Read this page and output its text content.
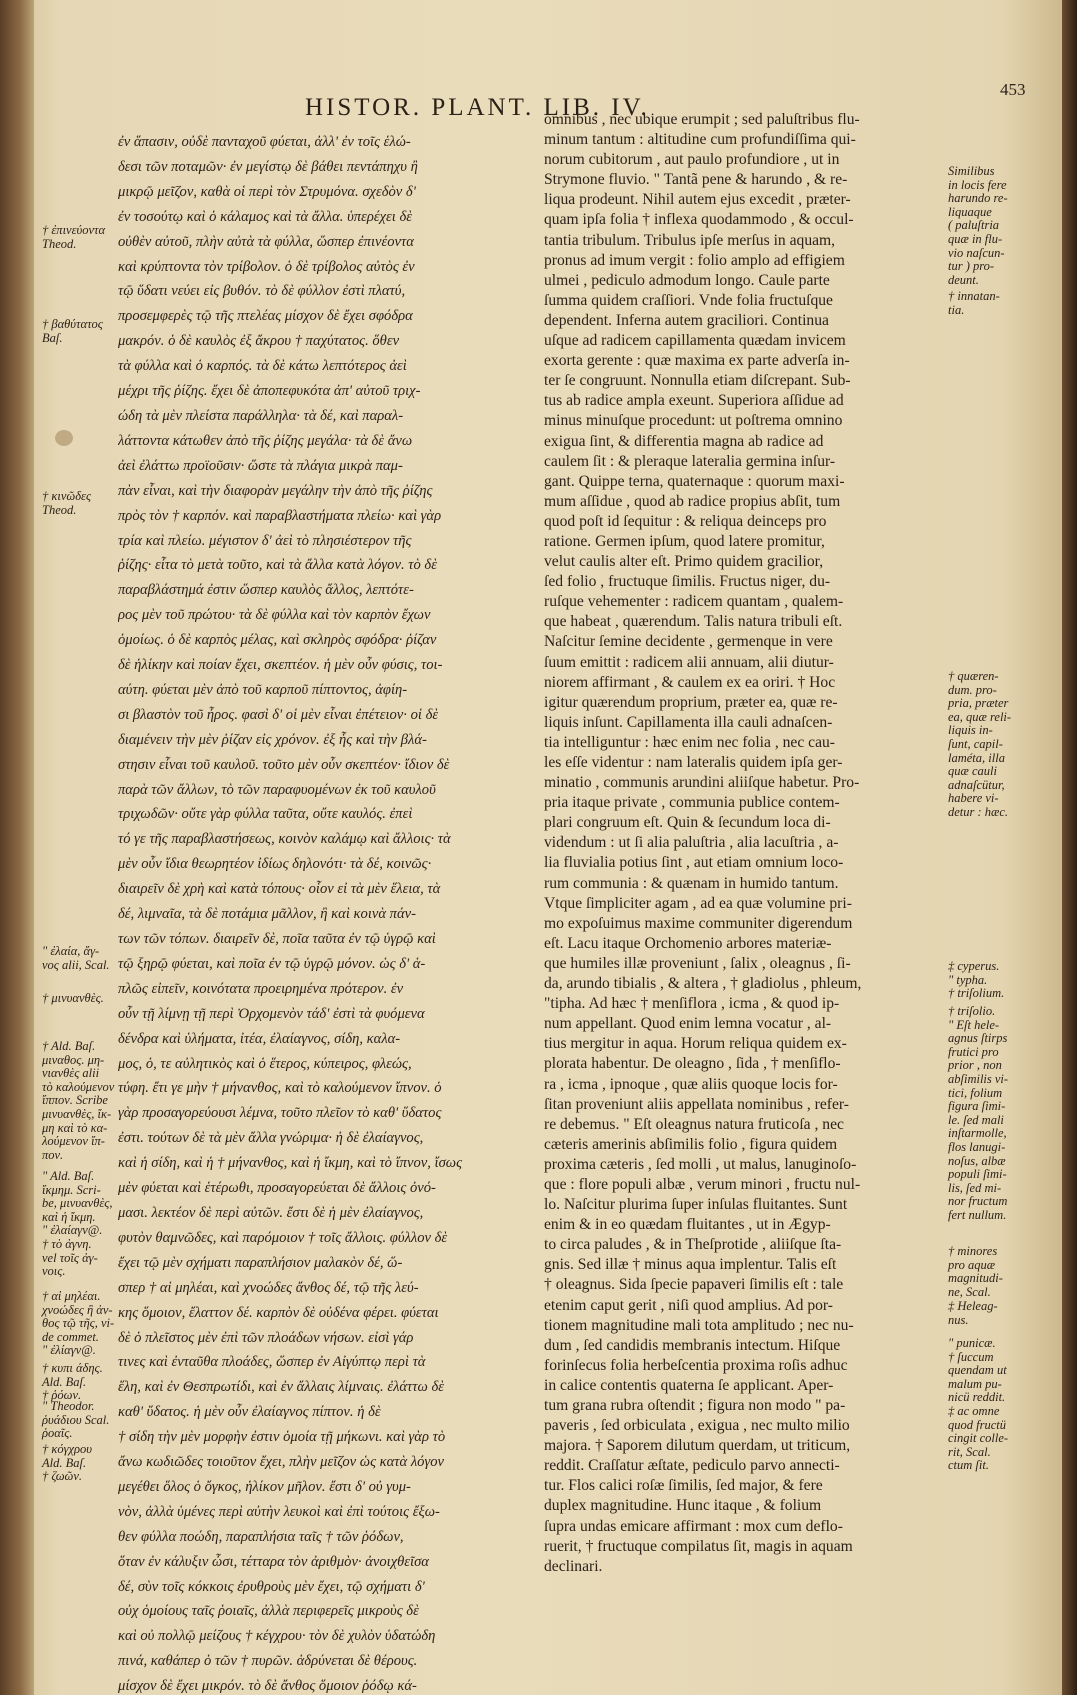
HISTOR. PLANT. LIB. IV.
453
ἐν ἅπασιν, οὐδὲ πανταχοῦ φύεται, ἀλλ' ἐν τοῖς ἑλώ-
δεσι τῶν ποταμῶν· ἐν μεγίστῳ δὲ βάθει πεντάπηχυ ἢ
μικρῷ μεῖζον, καθὰ οἱ περὶ τὸν Στρυμόνα. σχεδὸν δ'
ἐν τοσούτῳ καὶ ὁ κάλαμος καὶ τὰ ἄλλα. ὑπερέχει δὲ
οὐθὲν αὐτοῦ, πλὴν αὐτὰ τὰ φύλλα, ὥσπερ ἐπινέοντα
καὶ κρύπτοντα τὸν τρίβολον. ὁ δὲ τρίβολος αὐτὸς ἐν
τῷ ὕδατι νεύει εἰς βυθόν. τὸ δὲ φύλλον ἐστὶ πλατύ,
προσεμφερὲς τῷ τῆς πτελέας μίσχον δὲ ἔχει σφόδρα
μακρόν. ὁ δὲ καυλὸς ἐξ ἄκρου † παχύτατος. ὅθεν
τὰ φύλλα καὶ ὁ καρπός. τὰ δὲ κάτω λεπτότερος ἀεὶ
μέχρι τῆς ῥίζης. ἔχει δὲ ἀποπεφυκότα ἀπ' αὐτοῦ τριχ-
ώδη τὰ μὲν πλείστα παράλληλα· τὰ δέ, καὶ παραλ-
λάττοντα κάτωθεν ἀπὸ τῆς ῥίζης μεγάλα· τὰ δὲ ἄνω
ἀεὶ ἐλάττω προϊοῦσιν· ὥστε τὰ πλάγια μικρὰ παμ-
πὰν εἶναι, καὶ τὴν διαφορὰν μεγάλην τὴν ἀπὸ τῆς ῥίζης
πρὸς τὸν † καρπόν. καὶ παραβλαστήματα πλείω· καὶ γὰρ
τρία καὶ πλείω. μέγιστον δ' ἀεὶ τὸ πλησιέστερον τῆς
ῥίζης· εἶτα τὸ μετὰ τοῦτο, καὶ τὰ ἄλλα κατὰ λόγον. τὸ δὲ
παραβλάστημά ἐστιν ὥσπερ καυλὸς ἄλλος, λεπτότε-
ρος μὲν τοῦ πρώτου· τὰ δὲ φύλλα καὶ τὸν καρπὸν ἔχων
ὁμοίως. ὁ δὲ καρπὸς μέλας, καὶ σκληρὸς σφόδρα· ῥίζαν
δὲ ἡλίκην καὶ ποίαν ἔχει, σκεπτέον. ἡ μὲν οὖν φύσις, τοι-
αύτη. φύεται μὲν ἀπὸ τοῦ καρποῦ πίπτοντος, ἀφίη-
σι βλαστὸν τοῦ ἦρος. φασὶ δ' οἱ μὲν εἶναι ἐπέτειον· οἱ δὲ
διαμένειν τὴν μὲν ῥίζαν εἰς χρόνον. ἐξ ἧς καὶ τὴν βλά-
στησιν εἶναι τοῦ καυλοῦ. τοῦτο μὲν οὖν σκεπτέον· ἴδιον δὲ
παρὰ τῶν ἄλλων, τὸ τῶν παραφυομένων ἐκ τοῦ καυλοῦ
τριχωδῶν· οὔτε γὰρ φύλλα ταῦτα, οὔτε καυλός. ἐπεὶ
τό γε τῆς παραβλαστήσεως, κοινὸν καλάμῳ καὶ ἄλλοις· τὰ
μὲν οὖν ἴδια θεωρητέον ἰδίως δηλονότι· τὰ δέ, κοινῶς·
διαιρεῖν δὲ χρὴ καὶ κατὰ τόπους· οἷον εἰ τὰ μὲν ἕλεια, τὰ
δέ, λιμναῖα, τὰ δὲ ποτάμια μᾶλλον, ἢ καὶ κοινὰ πάν-
των τῶν τόπων. διαιρεῖν δὲ, ποῖα ταῦτα ἐν τῷ ὑγρῷ καὶ
τῷ ξηρῷ φύεται, καὶ ποῖα ἐν τῷ ὑγρῷ μόνον. ὡς δ' ἁ-
πλῶς εἰπεῖν, κοινότατα προειρημένα πρότερον. ἐν
οὖν τῇ λίμνῃ τῇ περὶ Ὀρχομενὸν τάδ' ἐστὶ τὰ φυόμενα
δένδρα καὶ ὑλήματα, ἰτέα, ἐλαίαγνος, σίδη, καλα-
μος, ὁ, τε αὐλητικὸς καὶ ὁ ἕτερος, κύπειρος, φλεώς,
τύφη. ἔτι γε μὴν † μήνανθος, καὶ τὸ καλούμενον ἴπνον. ὁ
γὰρ προσαγορεύουσι λέμνα, τοῦτο πλεῖον τὸ καθ' ὕδατος
ἐστι. τούτων δὲ τὰ μὲν ἄλλα γνώριμα· ἡ δὲ ἐλαίαγνος,
καὶ ἡ σίδη, καὶ ἡ † μήνανθος, καὶ ἡ ἴκμη, καὶ τὸ ἴπνον, ἴσως
μὲν φύεται καὶ ἑτέρωθι, προσαγορεύεται δὲ ἄλλοις ὀνό-
μασι. λεκτέον δὲ περὶ αὐτῶν. ἔστι δὲ ἡ μὲν ἐλαίαγνος,
φυτὸν θαμνῶδες, καὶ παρόμοιον † τοῖς ἄλλοις. φύλλον δὲ
ἔχει τῷ μὲν σχήματι παραπλήσιον μαλακὸν δέ, ὥ-
σπερ † αἱ μηλέαι, καὶ χνοώδες ἄνθος δέ, τῷ τῆς λεύ-
κης ὅμοιον, ἔλαττον δέ. καρπὸν δὲ οὐδένα φέρει. φύεται
δὲ ὁ πλεῖστος μὲν ἐπὶ τῶν πλοάδων νήσων. εἰσὶ γάρ
τινες καὶ ἐνταῦθα πλοάδες, ὥσπερ ἐν Αἰγύπτῳ περὶ τὰ
ἕλη, καὶ ἐν Θεσπρωτίδι, καὶ ἐν ἄλλαις λίμναις. ἐλάττω δὲ
καθ' ὕδατος. ἡ μὲν οὖν ἐλαίαγνος πίπτον. ἡ δὲ
† σίδη τὴν μὲν μορφὴν ἐστιν ὁμοία τῇ μήκωνι. καὶ γὰρ τὸ
ἄνω κωδιῶδες τοιοῦτον ἔχει, πλὴν μεῖζον ὡς κατὰ λόγον
μεγέθει ὅλος ὁ ὄγκος, ἡλίκον μῆλον. ἔστι δ' οὐ γυμ-
νὸν, ἀλλὰ ὑμένες περὶ αὐτὴν λευκοὶ καὶ ἐπὶ τούτοις ἔξω-
θεν φύλλα ποώδη, παραπλήσια ταῖς † τῶν ῥόδων,
ὅταν ἐν κάλυξιν ὦσι, τέτταρα τὸν ἀριθμὸν· ἀνοιχθεῖσα
δέ, σὺν τοῖς κόκκοις ἐρυθροὺς μὲν ἔχει, τῷ σχήματι δ'
οὐχ ὁμοίους ταῖς ῥοιαῖς, ἀλλὰ περιφερεῖς μικροὺς δὲ
καὶ οὐ πολλῷ μείζους † κέγχρου· τὸν δὲ χυλὸν ὑδατώδη
πινά, καθάπερ ὁ τῶν † πυρῶν. ἁδρύνεται δὲ θέρους.
μίσχον δὲ ἔχει μικρόν. τὸ δὲ ἄνθος ὅμοιον ῥόδῳ κά-
omnibus , nec ubique erumpit ; sed paluſtribus flu-
minum tantum : altitudine cum profundiſſima qui-
norum cubitorum , aut paulo profundiore , ut in
Strymone fluvio. " Tantã pene & harundo , & re-
liqua prodeunt. Nihil autem ejus excedit , præter-
quam ipſa folia † inflexa quodammodo , & occul-
tantia tribulum. Tribulus ipſe merſus in aquam,
pronus ad imum vergit : folio amplo ad effigiem
ulmei , pediculo admodum longo. Caule parte
ſumma quidem craſſiori. Vnde folia fructuſque
dependent. Inferna autem graciliori. Continua
uſque ad radicem capillamenta quædam invicem
exorta gerente : quæ maxima ex parte adverſa in-
ter ſe congruunt. Nonnulla etiam diſcrepant. Sub-
tus ab radice ampla exeunt. Superiora aſſidue ad
minus minuſque procedunt: ut poſtrema omnino
exigua ſint, & differentia magna ab radice ad
caulem ſit : & pleraque lateralia germina inſur-
gant. Quippe terna, quaternaque : quorum maxi-
mum aſſidue , quod ab radice propius abſit, tum
quod poſt id ſequitur : & reliqua deinceps pro
ratione. Germen ipſum, quod latere promitur,
velut caulis alter eſt. Primo quidem gracilior,
ſed folio , fructuque ſimilis. Fructus niger, du-
ruſque vehementer : radicem quantam , qualem-
que habeat , quærendum. Talis natura tribuli eſt.
Naſcitur ſemine decidente , germenque in vere
ſuum emittit : radicem alii annuam, alii diutur-
niorem affirmant , & caulem ex ea oriri. † Hoc
igitur quærendum proprium, præter ea, quæ re-
liquis inſunt. Capillamenta illa cauli adnaſcen-
tia intelliguntur : hæc enim nec folia , nec cau-
les eſſe videntur : nam lateralis quidem ipſa ger-
minatio , communis arundini aliiſque habetur. Pro-
pria itaque private , communia publice contem-
plari congruum eſt. Quin & ſecundum loca di-
videndum : ut ſi alia paluſtria , alia lacuſtria , a-
lia fluvialia potius ſint , aut etiam omnium loco-
rum communia : & quænam in humido tantum.
Vtque ſimpliciter agam , ad ea quæ volumine pri-
mo expoſuimus maxime communiter digerendum
eſt. Lacu itaque Orchomenio arbores materiæ-
que humiles illæ proveniunt , ſalix , oleagnus , ſi-
da, arundo tibialis , & altera , † gladiolus , phleum,
"tipha. Ad hæc † menſiflora , icma , & quod ip-
num appellant. Quod enim lemna vocatur , al-
tius mergitur in aqua. Horum reliqua quidem ex-
plorata habentur. De oleagno , ſida , † menſiflo-
ra , icma , ipnoque , quæ aliis quoque locis for-
ſitan proveniunt aliis appellata nominibus , refer-
re debemus. " Eſt oleagnus natura fruticoſa , nec
cæteris amerinis abſimilis folio , figura quidem
proxima cæteris , ſed molli , ut malus, lanuginoſo-
que : flore populi albæ , verum minori , fructu nul-
lo. Naſcitur plurima ſuper inſulas fluitantes. Sunt
enim & in eo quædam fluitantes , ut in Ægyp-
to circa paludes , & in Theſprotide , aliiſque ſta-
gnis. Sed illæ † minus aqua implentur. Talis eſt
† oleagnus. Sida ſpecie papaveri ſimilis eſt : tale
etenim caput gerit , niſi quod amplius. Ad por-
tionem magnitudine mali tota amplitudo ; nec nu-
dum , ſed candidis membranis intectum. Hiſque
forinſecus folia herbeſcentia proxima roſis adhuc
in calice contentis quaterna ſe applicant. Aper-
tum grana rubra oſtendit ; figura non modo " pa-
paveris , ſed orbiculata , exigua , nec multo milio
majora. † Saporem dilutum querdam, ut triticum,
reddit. Craſſatur æſtate, pediculo parvo annecti-
tur. Flos calici roſæ ſimilis, ſed major, & fere
duplex magnitudine. Hunc itaque , & folium
ſupra undas emicare affirmant : mox cum deflo-
ruerit, † fructuque compilatus ſit, magis in aquam
declinari.
† ἐπινεύοντα
Theod.
† βαθύτατος
Baſ.
† κινῶδες
Theod.
" ἐλαία, ἄγ-
νος alii, Scal.
† μινυανθὲς.
† Ald. Baſ.
μιναθος. μη-
νιανθὲς alii
τὸ καλούμενον
ἴππον. Scribe
μινυανθὲς, ἴκ-
μη καὶ τὸ κα-
λούμενον ἴπ-
πον.
" Ald. Baſ.
ἴκμημ. Scri-
be, μινυανθὲς,
καὶ ἡ ἴκμη.
" ἐλαίαγν@.
† τὸ ἀγνη.
vel τοῖς ἀγ-
νοις.
† αἱ μηλέαι.
χνοώδες ἢ ἀν-
θος τῷ τῆς, vi-
de commet.
" ἐλίαγν@.
† κυπι άδης.
Ald. Baſ.
† ῥόων.
" Theodor.
ῥυάδιου Scal.
ῥοαῖς.
† κόγχρου
Ald. Baſ.
† ζωῶν.
Similibus
in locis fere
harundo re-
liquaque
( paluſtria
quæ in flu-
vio naſcun-
tur ) pro-
deunt.
† innatan-
tia.
† quæren-
dum. pro-
pria, præter
ea, quæ reli-
liquis in-
ſunt, capil-
laméta, illa
quæ cauli
adnaſcütur,
habere vi-
detur : hæc.
‡ cyperus.
" typha.
† triſolium.
† triſolio.
" Eſt hele-
agnus ſtirps
frutici pro
prior , non
abſimilis vi-
tici, folium
figura ſimi-
le. ſed mali
inſtarmolle,
flos lanugi-
noſus, albæ
populi ſimi-
lis, ſed mi-
nor fructum
fert nullum.
† minores
pro aquæ
magnitudi-
ne, Scal.
‡ Heleag-
nus.
" punicæ.
† ſuccum
quendam ut
malum pu-
nicü reddit.
‡ ac omne
quod fructü
cingit colle-
rit, Scal.
ctum ſit.
